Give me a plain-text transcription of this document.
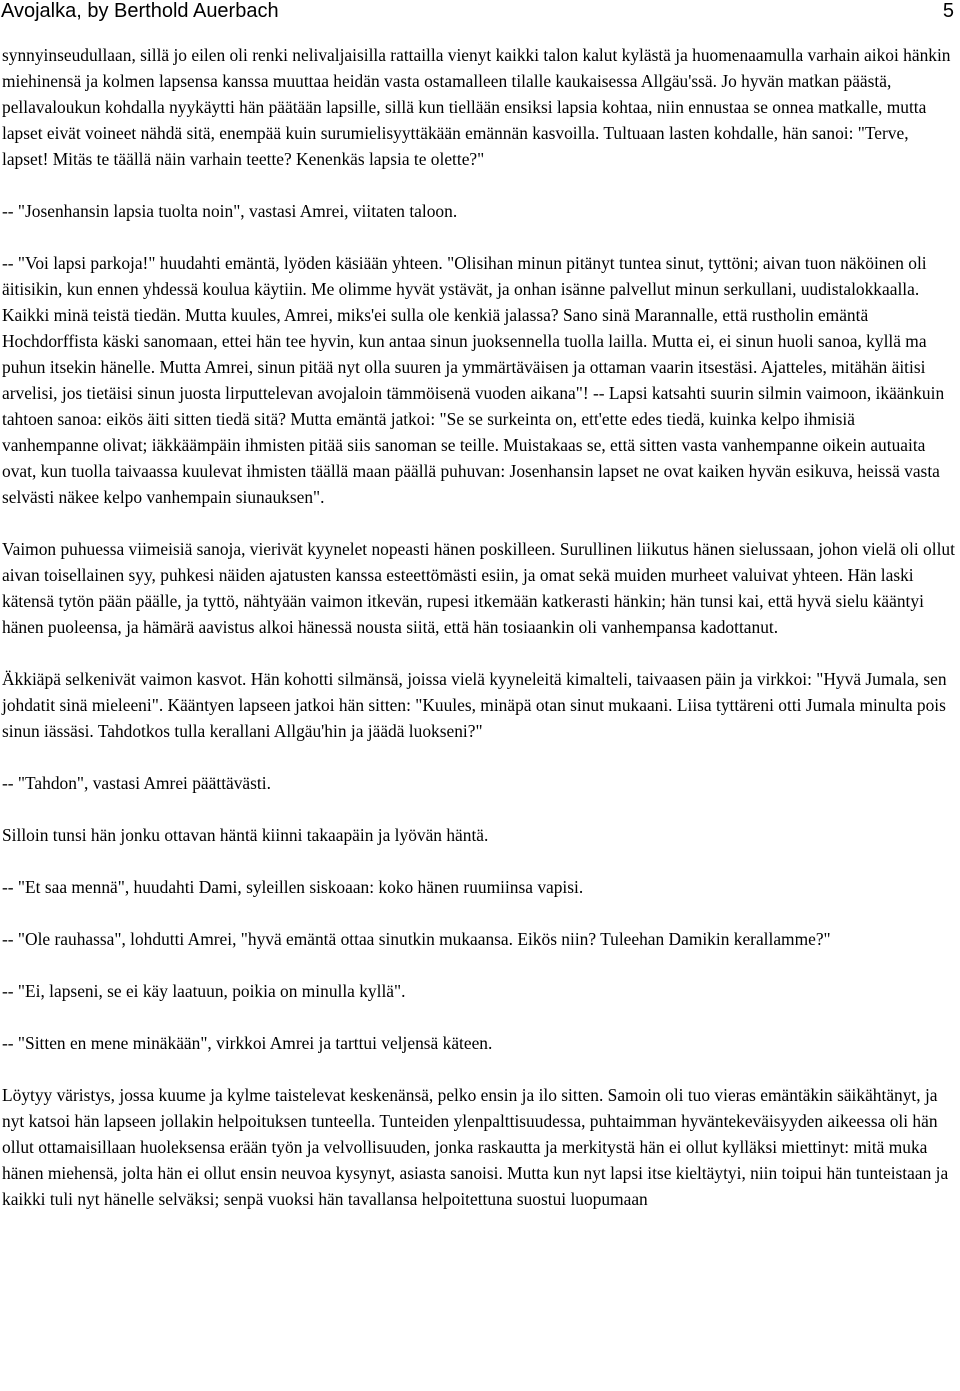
Avojalka, by Berthold Auerbach	5

synnyinseudullaan, sillä jo eilen oli renki nelivaljaisilla rattailla vienyt kaikki talon kalut kylästä ja huomenaamulla varhain aikoi hänkin miehinensä ja kolmen lapsensa kanssa muuttaa heidän vasta ostamalleen tilalle kaukaisessa Allgäu'ssä. Jo hyvän matkan päästä, pellavaloukun kohdalla nyykäytti hän päätään lapsille, sillä kun tiellään ensiksi lapsia kohtaa, niin ennustaa se onnea matkalle, mutta lapset eivät voineet nähdä sitä, enempää kuin surumielisyyttäkään emännän kasvoilla. Tultuaan lasten kohdalle, hän sanoi: "Terve, lapset! Mitäs te täällä näin varhain teette? Kenenkäs lapsia te olette?"

-- "Josenhansin lapsia tuolta noin", vastasi Amrei, viitaten taloon.

-- "Voi lapsi parkoja!" huudahti emäntä, lyöden käsiään yhteen. "Olisihan minun pitänyt tuntea sinut, tyttöni; aivan tuon näköinen oli äitisikin, kun ennen yhdessä koulua käytiin. Me olimme hyvät ystävät, ja onhan isänne palvellut minun serkullani, uudistalokkaalla. Kaikki minä teistä tiedän. Mutta kuules, Amrei, miks'ei sulla ole kenkiä jalassa? Sano sinä Marannalle, että rustholin emäntä Hochdorffista käski sanomaan, ettei hän tee hyvin, kun antaa sinun juoksennella tuolla lailla. Mutta ei, ei sinun huoli sanoa, kyllä ma puhun itsekin hänelle. Mutta Amrei, sinun pitää nyt olla suuren ja ymmärtäväisen ja ottaman vaarin itsestäsi. Ajatteles, mitähän äitisi arvelisi, jos tietäisi sinun juosta lirputtelevan avojaloin tämmöisenä vuoden aikana"! -- Lapsi katsahti suurin silmin vaimoon, ikäänkuin tahtoen sanoa: eikös äiti sitten tiedä sitä? Mutta emäntä jatkoi: "Se se surkeinta on, ett'ette edes tiedä, kuinka kelpo ihmisiä vanhempanne olivat; iäkkäämpäin ihmisten pitää siis sanoman se teille. Muistakaas se, että sitten vasta vanhempanne oikein autuaita ovat, kun tuolla taivaassa kuulevat ihmisten täällä maan päällä puhuvan: Josenhansin lapset ne ovat kaiken hyvän esikuva, heissä vasta selvästi näkee kelpo vanhempain siunauksen".

Vaimon puhuessa viimeisiä sanoja, vierivät kyynelet nopeasti hänen poskilleen. Surullinen liikutus hänen sielussaan, johon vielä oli ollut aivan toisellainen syy, puhkesi näiden ajatusten kanssa esteettömästi esiin, ja omat sekä muiden murheet valuivat yhteen. Hän laski kätensä tytön pään päälle, ja tyttö, nähtyään vaimon itkevän, rupesi itkemään katkerasti hänkin; hän tunsi kai, että hyvä sielu kääntyi hänen puoleensa, ja hämärä aavistus alkoi hänessä nousta siitä, että hän tosiaankin oli vanhempansa kadottanut.

Äkkiäpä selkenivät vaimon kasvot. Hän kohotti silmänsä, joissa vielä kyyneleitä kimalteli, taivaasen päin ja virkkoi: "Hyvä Jumala, sen johdatit sinä mieleeni". Kääntyen lapseen jatkoi hän sitten: "Kuules, minäpä otan sinut mukaani. Liisa tyttäreni otti Jumala minulta pois sinun iässäsi. Tahdotkos tulla kerallani Allgäu'hin ja jäädä luokseni?"

-- "Tahdon", vastasi Amrei päättävästi.

Silloin tunsi hän jonku ottavan häntä kiinni takaapäin ja lyövän häntä.

-- "Et saa mennä", huudahti Dami, syleillen siskoaan: koko hänen ruumiinsa vapisi.

-- "Ole rauhassa", lohdutti Amrei, "hyvä emäntä ottaa sinutkin mukaansa. Eikös niin? Tuleehan Damikin kerallamme?"

-- "Ei, lapseni, se ei käy laatuun, poikia on minulla kyllä".

-- "Sitten en mene minäkään", virkkoi Amrei ja tarttui veljensä käteen.

Löytyy väristys, jossa kuume ja kylme taistelevat keskenänsä, pelko ensin ja ilo sitten. Samoin oli tuo vieras emäntäkin säikähtänyt, ja nyt katsoi hän lapseen jollakin helpoituksen tunteella. Tunteiden ylenpalttisuudessa, puhtaimman hyväntekeväisyyden aikeessa oli hän ollut ottamaisillaan huoleksensa erään työn ja velvollisuuden, jonka raskautta ja merkitystä hän ei ollut kylläksi miettinyt: mitä muka hänen miehensä, jolta hän ei ollut ensin neuvoa kysynyt, asiasta sanoisi. Mutta kun nyt lapsi itse kieltäytyi, niin toipui hän tunteistaan ja kaikki tuli nyt hänelle selväksi; senpä vuoksi hän tavallansa helpoitettuna suostui luopumaan
